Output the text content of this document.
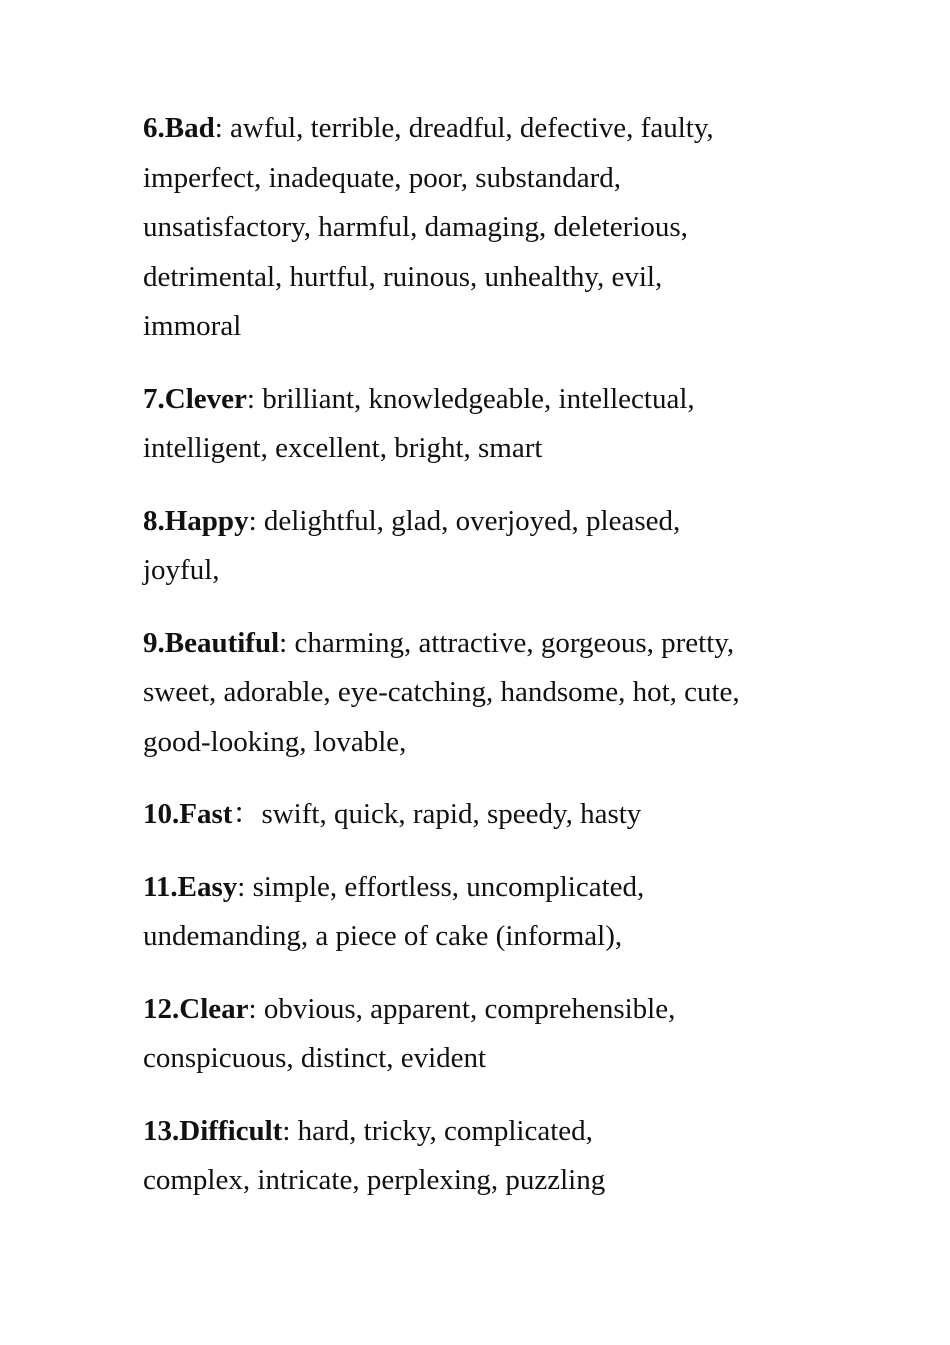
6.Bad: awful, terrible, dreadful, defective, faulty,
imperfect, inadequate, poor, substandard,
unsatisfactory, harmful, damaging, deleterious,
detrimental, hurtful, ruinous, unhealthy, evil,
immoral
7.Clever: brilliant, knowledgeable, intellectual,
intelligent, excellent, bright, smart
8.Happy: delightful, glad, overjoyed, pleased,
joyful,
9.Beautiful: charming, attractive, gorgeous, pretty,
sweet, adorable, eye-catching, handsome, hot, cute,
good-looking, lovable,
10.Fast：swift, quick, rapid, speedy, hasty
11.Easy: simple, effortless, uncomplicated,
undemanding, a piece of cake (informal),
12.Clear: obvious, apparent, comprehensible,
conspicuous, distinct, evident
13.Difficult: hard, tricky, complicated,
complex, intricate, perplexing, puzzling
